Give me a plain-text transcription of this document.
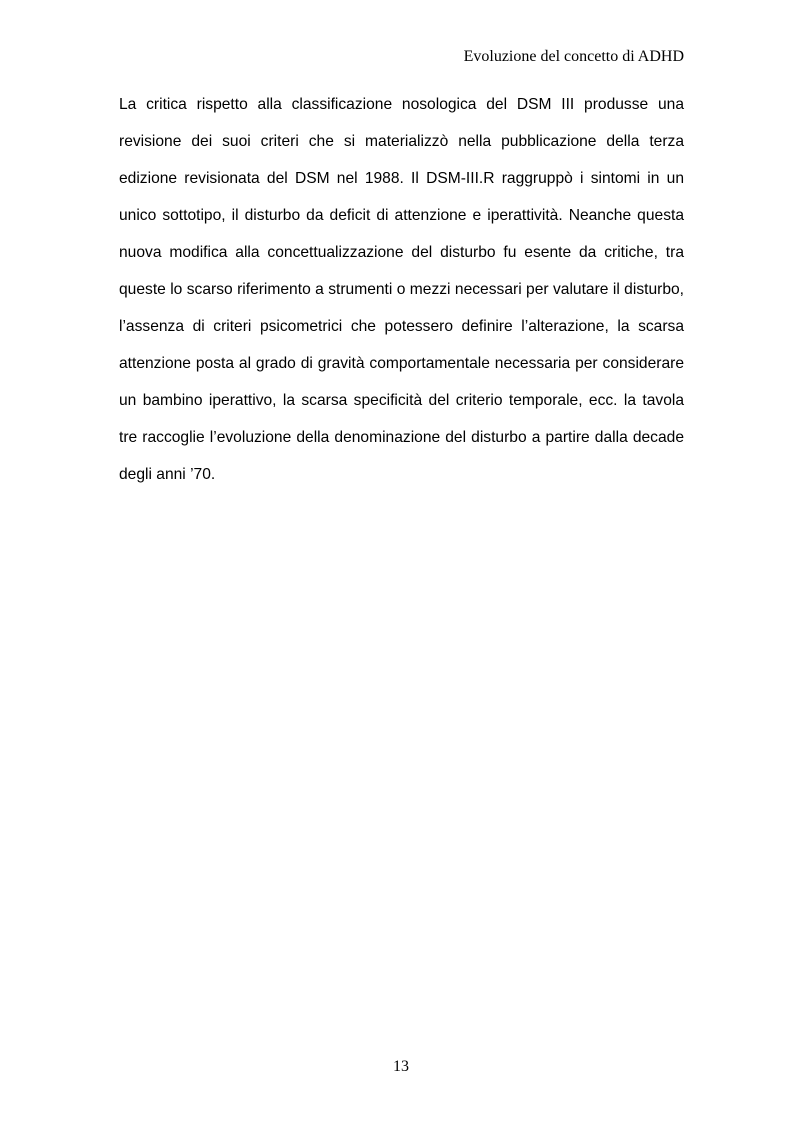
Evoluzione del concetto di ADHD

La critica rispetto alla classificazione nosologica del DSM III produsse una revisione dei suoi criteri che si materializzò nella pubblicazione della terza edizione revisionata del DSM nel 1988. Il DSM-III.R raggruppò i sintomi in un unico sottotipo, il disturbo da deficit di attenzione e iperattività. Neanche questa nuova modifica alla concettualizzazione del disturbo fu esente da critiche, tra queste lo scarso riferimento a strumenti o mezzi necessari per valutare il disturbo, l’assenza di criteri psicometrici che potessero definire l’alterazione, la scarsa attenzione posta al grado di gravità comportamentale necessaria per considerare un bambino iperattivo, la scarsa specificità del criterio temporale, ecc. la tavola tre raccoglie l’evoluzione della denominazione del disturbo a partire dalla decade degli anni ’70.

13
